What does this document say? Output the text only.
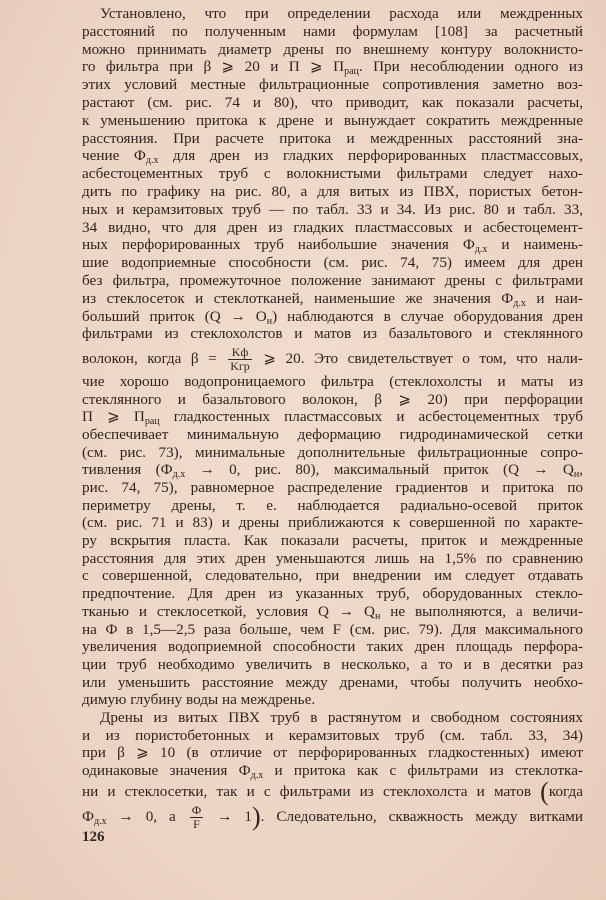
Установлено, что при определении расхода или междренных
расстояний по полученным нами формулам [108] за расчетный
можно принимать диаметр дрены по внешнему контуру волокнисто-
го фильтра при β ⩾ 20 и П ⩾ $П_{рац}$. При несоблюдении одного из
этих условий местные фильтрационные сопротивления заметно воз-
растают (см. рис. 74 и 80), что приводит, как показали расчеты,
к уменьшению притока к дрене и вынуждает сократить междренные
расстояния. При расчете притока и междренных расстояний зна-
чение $Ф_{д.х}$ для дрен из гладких перфорированных пластмассовых,
асбестоцементных труб с волокнистыми фильтрами следует нахо-
дить по графику на рис. 80, а для витых из ПВХ, пористых бетон-
ных и керамзитовых труб — по табл. 33 и 34. Из рис. 80 и табл. 33,
34 видно, что для дрен из гладких пластмассовых и асбестоцемент-
ных перфорированных труб наибольшие значения $Ф_{д.х}$ и наимень-
шие водоприемные способности (см. рис. 74, 75) имеем для дрен
без фильтра, промежуточное положение занимают дрены с фильтрами
из стеклосеток и стеклотканей, наименьшие же значения $Ф_{д.х}$ и наи-
больший приток $(Q \to O_н)$ наблюдаются в случае оборудования дрен
фильтрами из стеклохолстов и матов из базальтового и стеклянного
волокон, когда $\beta = \frac{Kф}{\text{Kгр}}$ ⩾ 20. Это свидетельствует о том, что нали-
чие хорошо водопроницаемого фильтра (стеклохолсты и маты из
стеклянного и базальтового волокон, β ⩾ 20) при перфорации
П ⩾ $П_{рац}$ гладкостенных пластмассовых и асбестоцементных труб
обеспечивает минимальную деформацию гидродинамической сетки
(см. рис. 73), минимальные дополнительные фильтрационные сопро-
тивления ($Ф_{д.х} \to 0$, рис. 80), максимальный приток ($Q \to Q_н$,
рис. 74, 75), равномерное распределение градиентов и притока по
периметру дрены, т. е. наблюдается радиально-осевой приток
(см. рис. 71 и 83) и дрены приближаются к совершенной по характе-
ру вскрытия пласта. Как показали расчеты, приток и междренные
расстояния для этих дрен уменьшаются лишь на 1,5% по сравнению
с совершенной, следовательно, при внедрении им следует отдавать
предпочтение. Для дрен из указанных труб, оборудованных стекло-
тканью и стеклосеткой, условия $Q \to Q_н$ не выполняются, а величи-
на Ф в 1,5—2,5 раза больше, чем F (см. рис. 79). Для максимального
увеличения водоприемной способности таких дрен площадь перфора-
ции труб необходимо увеличить в несколько, а то и в десятки раз
или уменьшить расстояние между дренами, чтобы получить необхо-
димую глубину воды на междренье.
Дрены из витых ПВХ труб в растянутом и свободном состояниях
и из пористобетонных и керамзитовых труб (см. табл. 33, 34)
при β ⩾ 10 (в отличие от перфорированных гладкостенных) имеют
одинаковые значения $Ф_{д.х}$ и притока как с фильтрами из стеклотка-
ни и стеклосетки, так и с фильтрами из стеклохолста и матов (когда
$Ф_{д.х} \to 0$, а $\frac{Ф}{F} \to 1$). Следовательно, скважность между витками
126
